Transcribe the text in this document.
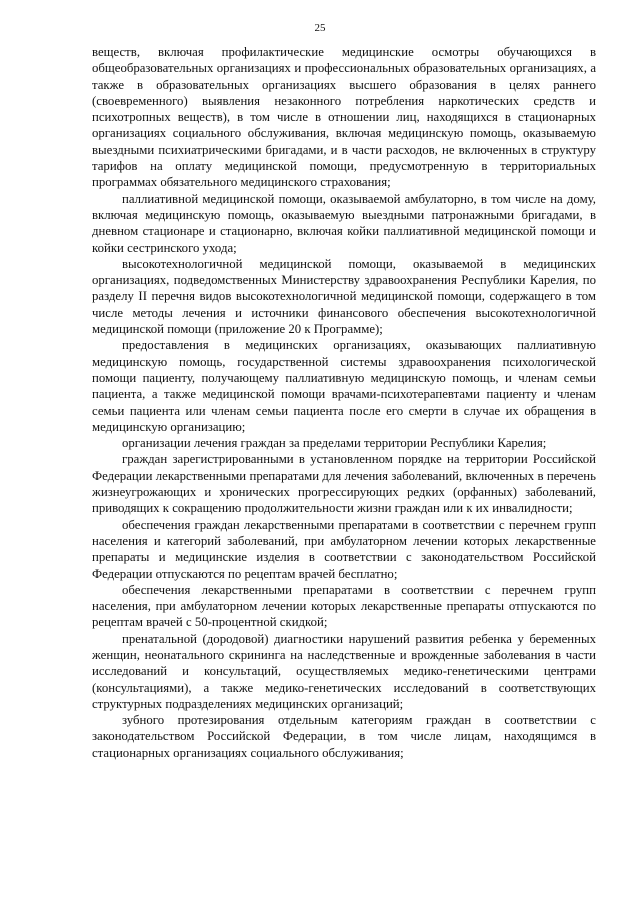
25

веществ, включая профилактические медицинские осмотры обучающихся в общеобразовательных организациях и профессиональных образовательных организациях, а также в образовательных организациях высшего образования в целях раннего (своевременного) выявления незаконного потребления наркотических средств и психотропных веществ), в том числе в отношении лиц, находящихся в стационарных организациях социального обслуживания, включая медицинскую помощь, оказываемую выездными психиатрическими бригадами, и в части расходов, не включенных в структуру тарифов на оплату медицинской помощи, предусмотренную в территориальных программах обязательного медицинского страхования;

паллиативной медицинской помощи, оказываемой амбулаторно, в том числе на дому, включая медицинскую помощь, оказываемую выездными патронажными бригадами, в дневном стационаре и стационарно, включая койки паллиативной медицинской помощи и койки сестринского ухода;

высокотехнологичной медицинской помощи, оказываемой в медицинских организациях, подведомственных Министерству здравоохранения Республики Карелия, по разделу II перечня видов высокотехнологичной медицинской помощи, содержащего в том числе методы лечения и источники финансового обеспечения высокотехнологичной медицинской помощи (приложение 20 к Программе);

предоставления в медицинских организациях, оказывающих паллиативную медицинскую помощь, государственной системы здравоохранения психологической помощи пациенту, получающему паллиативную медицинскую помощь, и членам семьи пациента, а также медицинской помощи врачами-психотерапевтами пациенту и членам семьи пациента или членам семьи пациента после его смерти в случае их обращения в медицинскую организацию;

организации лечения граждан за пределами территории Республики Карелия;

граждан зарегистрированными в установленном порядке на территории Российской Федерации лекарственными препаратами для лечения заболеваний, включенных в перечень жизнеугрожающих и хронических прогрессирующих редких (орфанных) заболеваний, приводящих к сокращению продолжительности жизни граждан или к их инвалидности;

обеспечения граждан лекарственными препаратами в соответствии с перечнем групп населения и категорий заболеваний, при амбулаторном лечении которых лекарственные препараты и медицинские изделия в соответствии с законодательством Российской Федерации отпускаются по рецептам врачей бесплатно;

обеспечения лекарственными препаратами в соответствии с перечнем групп населения, при амбулаторном лечении которых лекарственные препараты отпускаются по рецептам врачей с 50-процентной скидкой;

пренатальной (дородовой) диагностики нарушений развития ребенка у беременных женщин, неонатального скрининга на наследственные и врожденные заболевания в части исследований и консультаций, осуществляемых медико-генетическими центрами (консультациями), а также медико-генетических исследований в соответствующих структурных подразделениях медицинских организаций;

зубного протезирования отдельным категориям граждан в соответствии с законодательством Российской Федерации, в том числе лицам, находящимся в стационарных организациях социального обслуживания;
